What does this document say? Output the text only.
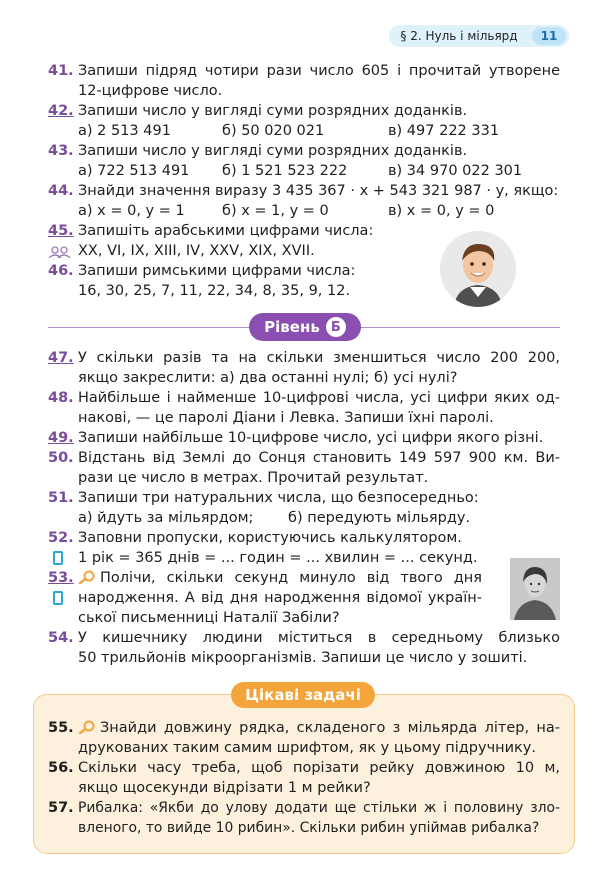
§ 2. Нуль і мільярд	11
41. Запиши підряд чотири рази число 605 і прочитай утворене
12-цифрове число.
42. Запиши число у вигляді суми розрядних доданків.
а) 2 513 491	б) 50 020 021	в) 497 222 331
43. Запиши число у вигляді суми розрядних доданків.
а) 722 513 491	б) 1 521 523 222	в) 34 970 022 301
44. Знайди значення виразу 3 435 367 · x + 543 321 987 · y, якщо:
а) x = 0, y = 1	б) x = 1, y = 0	в) x = 0, y = 0
45. Запишіть арабськими цифрами числа:
XX, VI, IX, XIII, IV, XXV, XIX, XVII.
46. Запиши римськими цифрами числа:
16, 30, 25, 7, 11, 22, 34, 8, 35, 9, 12.
Рівень Б
47. У скільки разів та на скільки зменшиться число 200 200,
якщо закреслити: а) два останні нулі; б) усі нулі?
48. Найбільше і найменше 10-цифрові числа, усі цифри яких од-
накові, — це паролі Діани і Левка. Запиши їхні паролі.
49. Запиши найбільше 10-цифрове число, усі цифри якого різні.
50. Відстань від Землі до Сонця становить 149 597 900 км. Ви-
рази це число в метрах. Прочитай результат.
51. Запиши три натуральних числа, що безпосередньо:
а) йдуть за мільярдом;	б) передують мільярду.
52. Заповни пропуски, користуючись калькулятором.
1 рік = 365 днів = ... годин = ... хвилин = ... секунд.
53.	Полічи, скільки секунд минуло від твого дня
народження. А від дня народження відомої україн-
ської письменниці Наталії Забіли?
54. У кишечнику людини міститься в середньому близько
50 трильйонів мікроорганізмів. Запиши це число у зошиті.
Цікаві задачі
55.	Знайди довжину рядка, складеного з мільярда літер, на-
друкованих таким самим шрифтом, як у цьому підручнику.
56. Скільки часу треба, щоб порізати рейку довжиною 10 м,
якщо щосекунди відрізати 1 м рейки?
57. Рибалка: «Якби до улову додати ще стільки ж і половину зло-
вленого, то вийде 10 рибин». Скільки рибин упіймав рибалка?
